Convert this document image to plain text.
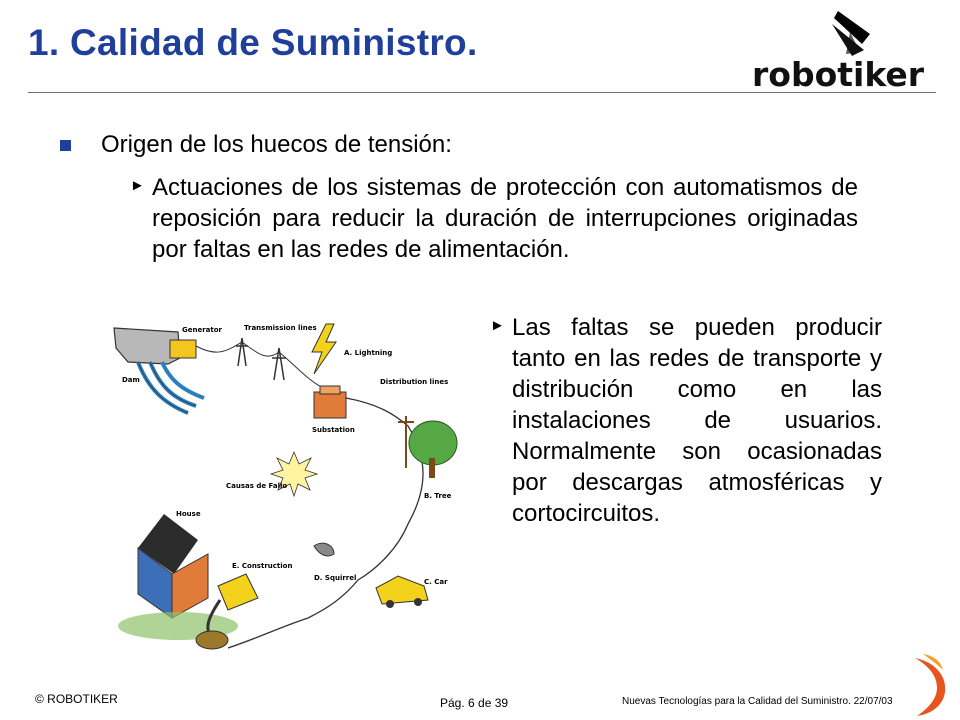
1. Calidad de Suministro.
robotiker
Origen de los huecos de tensión:
► Actuaciones de los sistemas de protección con automatismos de reposición para reducir la duración de interrupciones originadas por faltas en las redes de alimentación.
Dam
Generator	Transmission lines
A. Lightning
Substation
Distribution lines
B. Tree
Causas de Fallo
House
E. Construction
D. Squirrel	C. Car
► Las faltas se pueden producir tanto en las redes de transporte y distribución como en las instalaciones de usuarios. Normalmente son ocasionadas por descargas atmosféricas y cortocircuitos.
© ROBOTIKER	Pág. 6 de 39	Nuevas Tecnologías para la Calidad del Suministro. 22/07/03
